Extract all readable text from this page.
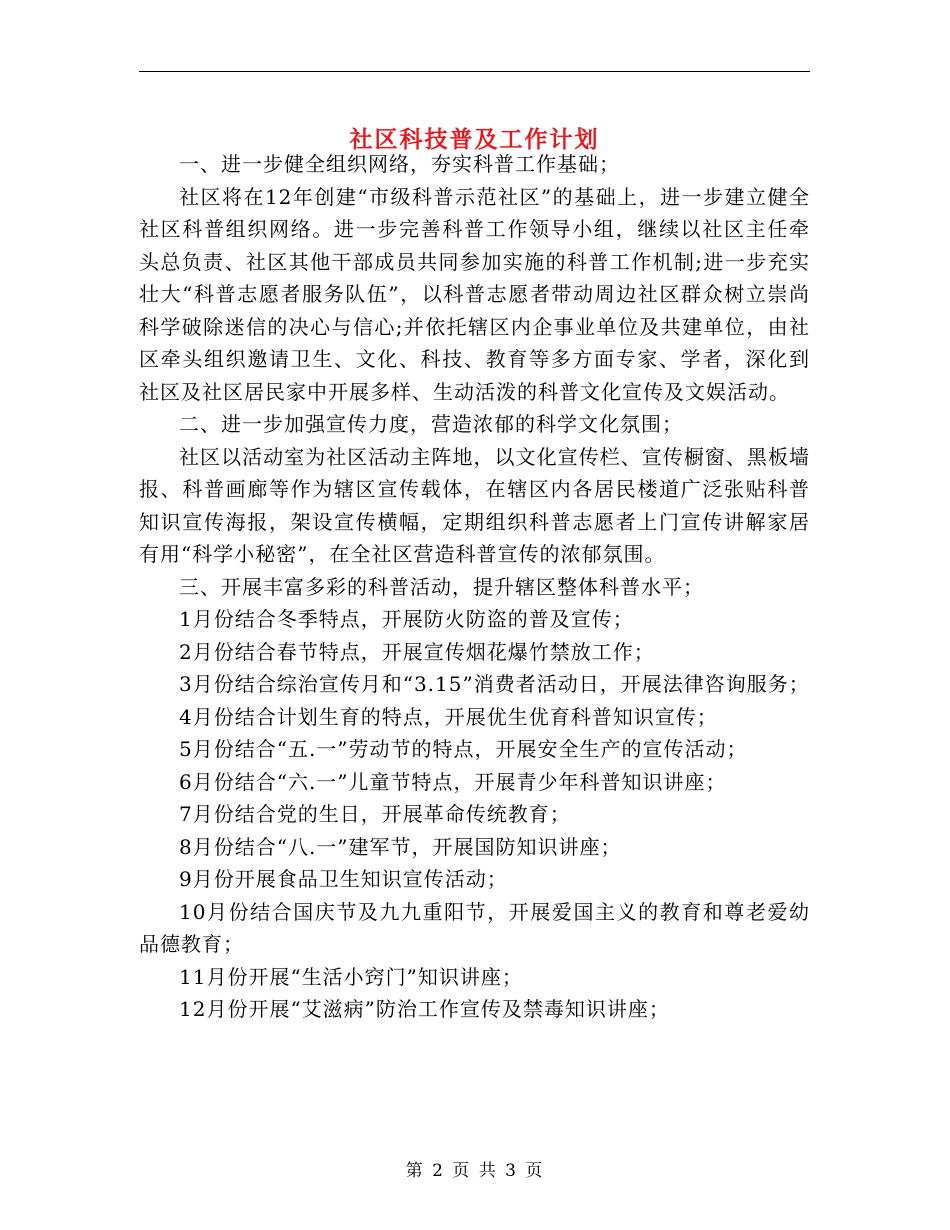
社区科技普及工作计划

一、进一步健全组织网络，夯实科普工作基础；

社区将在12年创建“市级科普示范社区”的基础上，进一步建立健全社区科普组织网络。进一步完善科普工作领导小组，继续以社区主任牵头总负责、社区其他干部成员共同参加实施的科普工作机制;进一步充实壮大“科普志愿者服务队伍”，以科普志愿者带动周边社区群众树立崇尚科学破除迷信的决心与信心;并依托辖区内企事业单位及共建单位，由社区牵头组织邀请卫生、文化、科技、教育等多方面专家、学者，深化到社区及社区居民家中开展多样、生动活泼的科普文化宣传及文娱活动。

二、进一步加强宣传力度，营造浓郁的科学文化氛围；

社区以活动室为社区活动主阵地，以文化宣传栏、宣传橱窗、黑板墙报、科普画廊等作为辖区宣传载体，在辖区内各居民楼道广泛张贴科普知识宣传海报，架设宣传横幅，定期组织科普志愿者上门宣传讲解家居有用“科学小秘密”，在全社区营造科普宣传的浓郁氛围。

三、开展丰富多彩的科普活动，提升辖区整体科普水平；

1月份结合冬季特点，开展防火防盗的普及宣传；

2月份结合春节特点，开展宣传烟花爆竹禁放工作；

3月份结合综治宣传月和“3.15”消费者活动日，开展法律咨询服务；

4月份结合计划生育的特点，开展优生优育科普知识宣传；

5月份结合“五.一”劳动节的特点，开展安全生产的宣传活动；

6月份结合“六.一”儿童节特点，开展青少年科普知识讲座；

7月份结合党的生日，开展革命传统教育；

8月份结合“八.一”建军节，开展国防知识讲座；

9月份开展食品卫生知识宣传活动；

10月份结合国庆节及九九重阳节，开展爱国主义的教育和尊老爱幼品德教育；

11月份开展“生活小窍门”知识讲座；

12月份开展“艾滋病”防治工作宣传及禁毒知识讲座；

第 2 页 共 3 页
